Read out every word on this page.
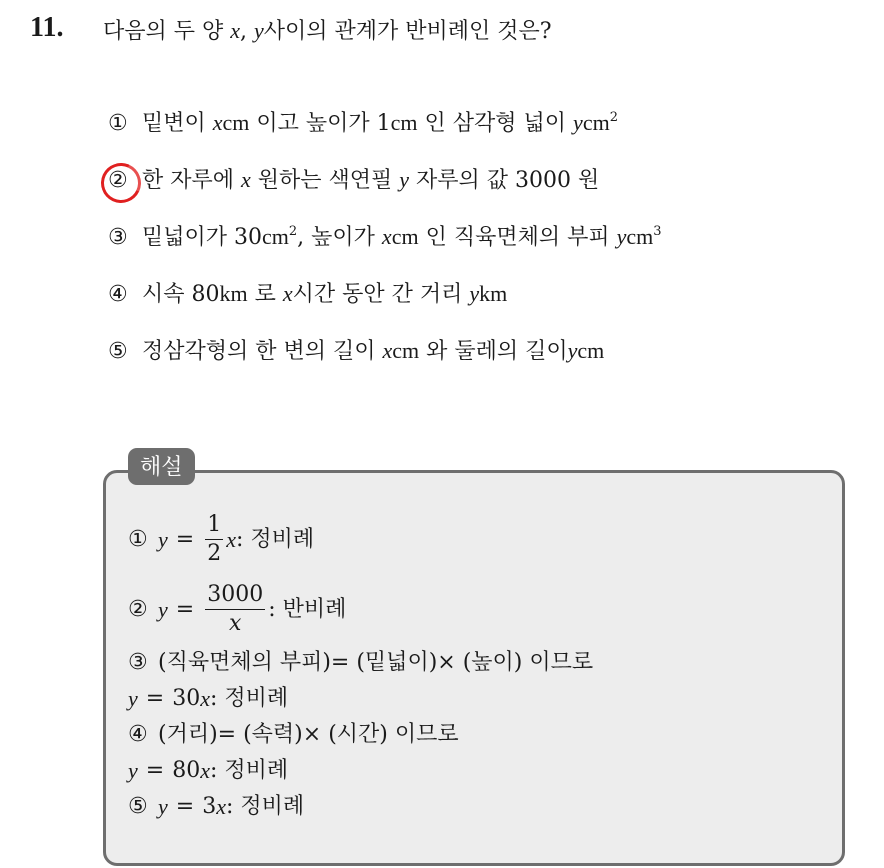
11. 다음의 두 양 x, y사이의 관계가 반비례인 것은?
① 밑변이 xcm 이고 높이가 1cm 인 삼각형 넓이 ycm$^2$
② 한 자루에 x 원하는 색연필 y 자루의 값 3000 원
③ 밑넓이가 $30cm^2$, 높이가 xcm 인 직육면체의 부피 ycm$^3$
④ 시속 80km 로 x시간 동안 간 거리 ykm
⑤ 정삼각형의 한 변의 길이 xcm 와 둘레의 길이ycm
해설
① $y = \frac{1}{2}$ x : 정비례
② $y = \frac{3000}{x}$ : 반비례
③ (직육면체의 부피)= (밑넓이)× (높이) 이므로
y = 30 x : 정비례
④ (거리)= (속력)× (시간) 이므로
y = 80 x : 정비례
⑤ y = 3 x : 정비례
